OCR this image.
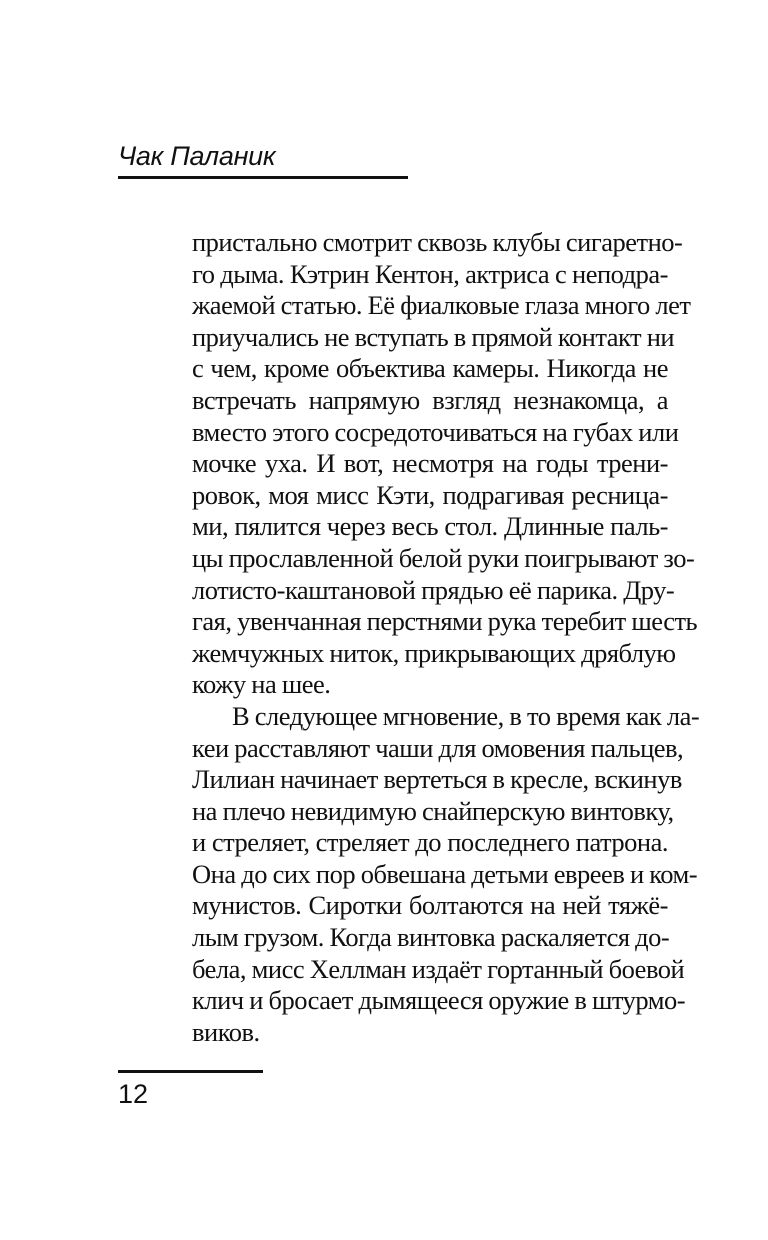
Чак Паланик
пристально смотрит сквозь клубы сигаретно-
го дыма. Кэтрин Кентон, актриса с неподра-
жаемой статью. Её фиалковые глаза много лет
приучались не вступать в прямой контакт ни
с чем, кроме объектива камеры. Никогда не
встречать напрямую взгляд незнакомца, а
вместо этого сосредоточиваться на губах или
мочке уха. И вот, несмотря на годы трени-
ровок, моя мисс Кэти, подрагивая ресница-
ми, пялится через весь стол. Длинные паль-
цы прославленной белой руки поигрывают зо-
лотисто-каштановой прядью её парика. Дру-
гая, увенчанная перстнями рука теребит шесть
жемчужных ниток, прикрывающих дряблую
кожу на шее.
В следующее мгновение, в то время как ла-
кеи расставляют чаши для омовения пальцев,
Лилиан начинает вертеться в кресле, вскинув
на плечо невидимую снайперскую винтовку,
и стреляет, стреляет до последнего патрона.
Она до сих пор обвешана детьми евреев и ком-
мунистов. Сиротки болтаются на ней тяжё-
лым грузом. Когда винтовка раскаляется до-
бела, мисс Хеллман издаёт гортанный боевой
клич и бросает дымящееся оружие в штурмо-
виков.
12
